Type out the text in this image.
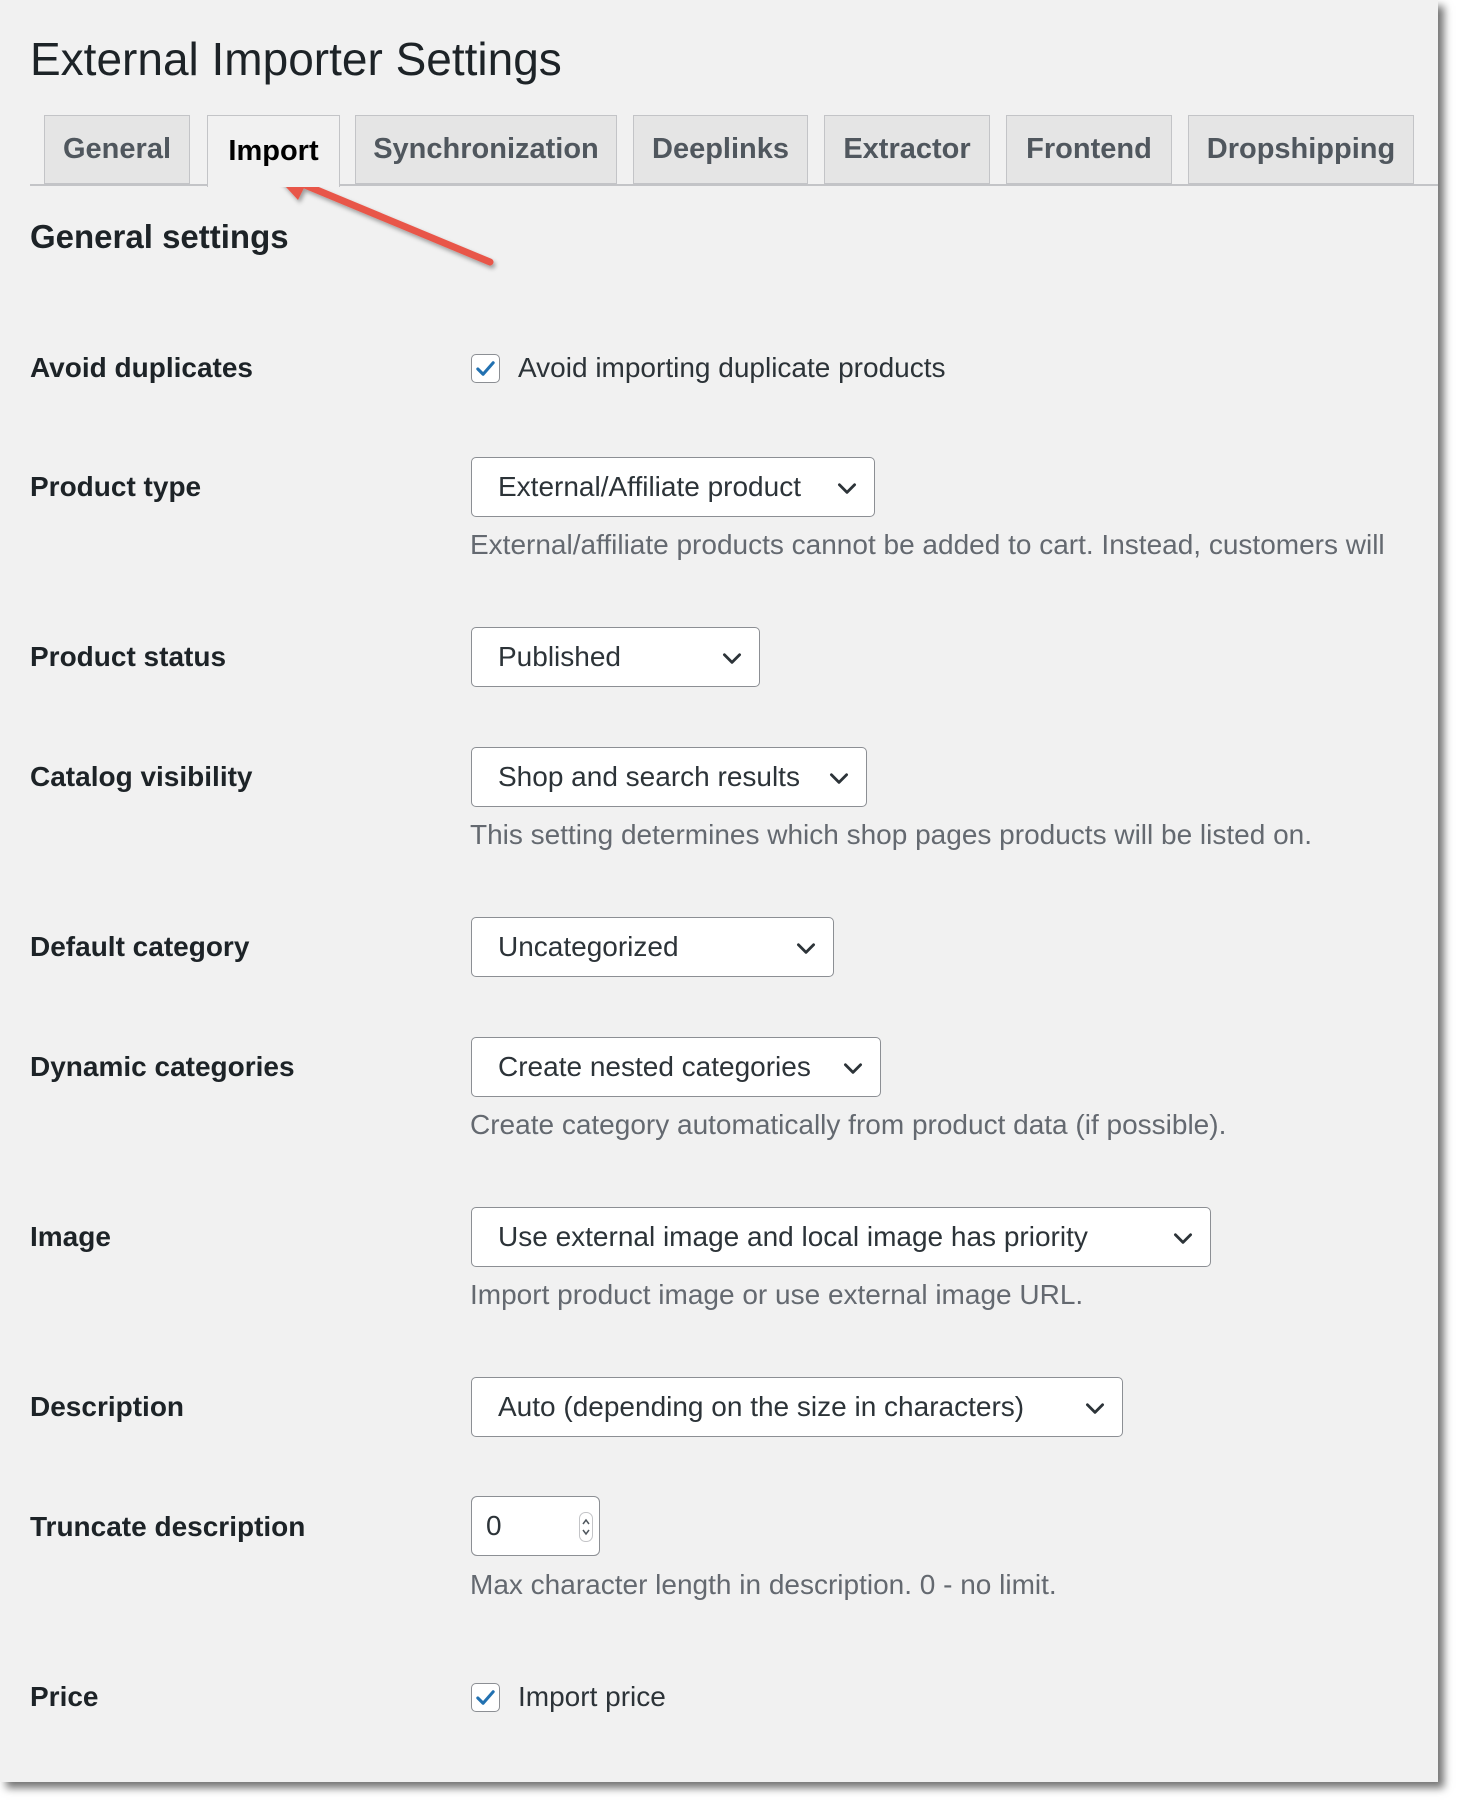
External Importer Settings
General	Import	Synchronization	Deeplinks	Extractor	Frontend	Dropshipping
General settings
Avoid duplicates	Avoid importing duplicate products
Product type	External/Affiliate product
External/affiliate products cannot be added to cart. Instead, customers will
Product status	Published
Catalog visibility	Shop and search results
This setting determines which shop pages products will be listed on.
Default category	Uncategorized
Dynamic categories	Create nested categories
Create category automatically from product data (if possible).
Image	Use external image and local image has priority
Import product image or use external image URL.
Description	Auto (depending on the size in characters)
Truncate description	0
Max character length in description. 0 - no limit.
Price	Import price
